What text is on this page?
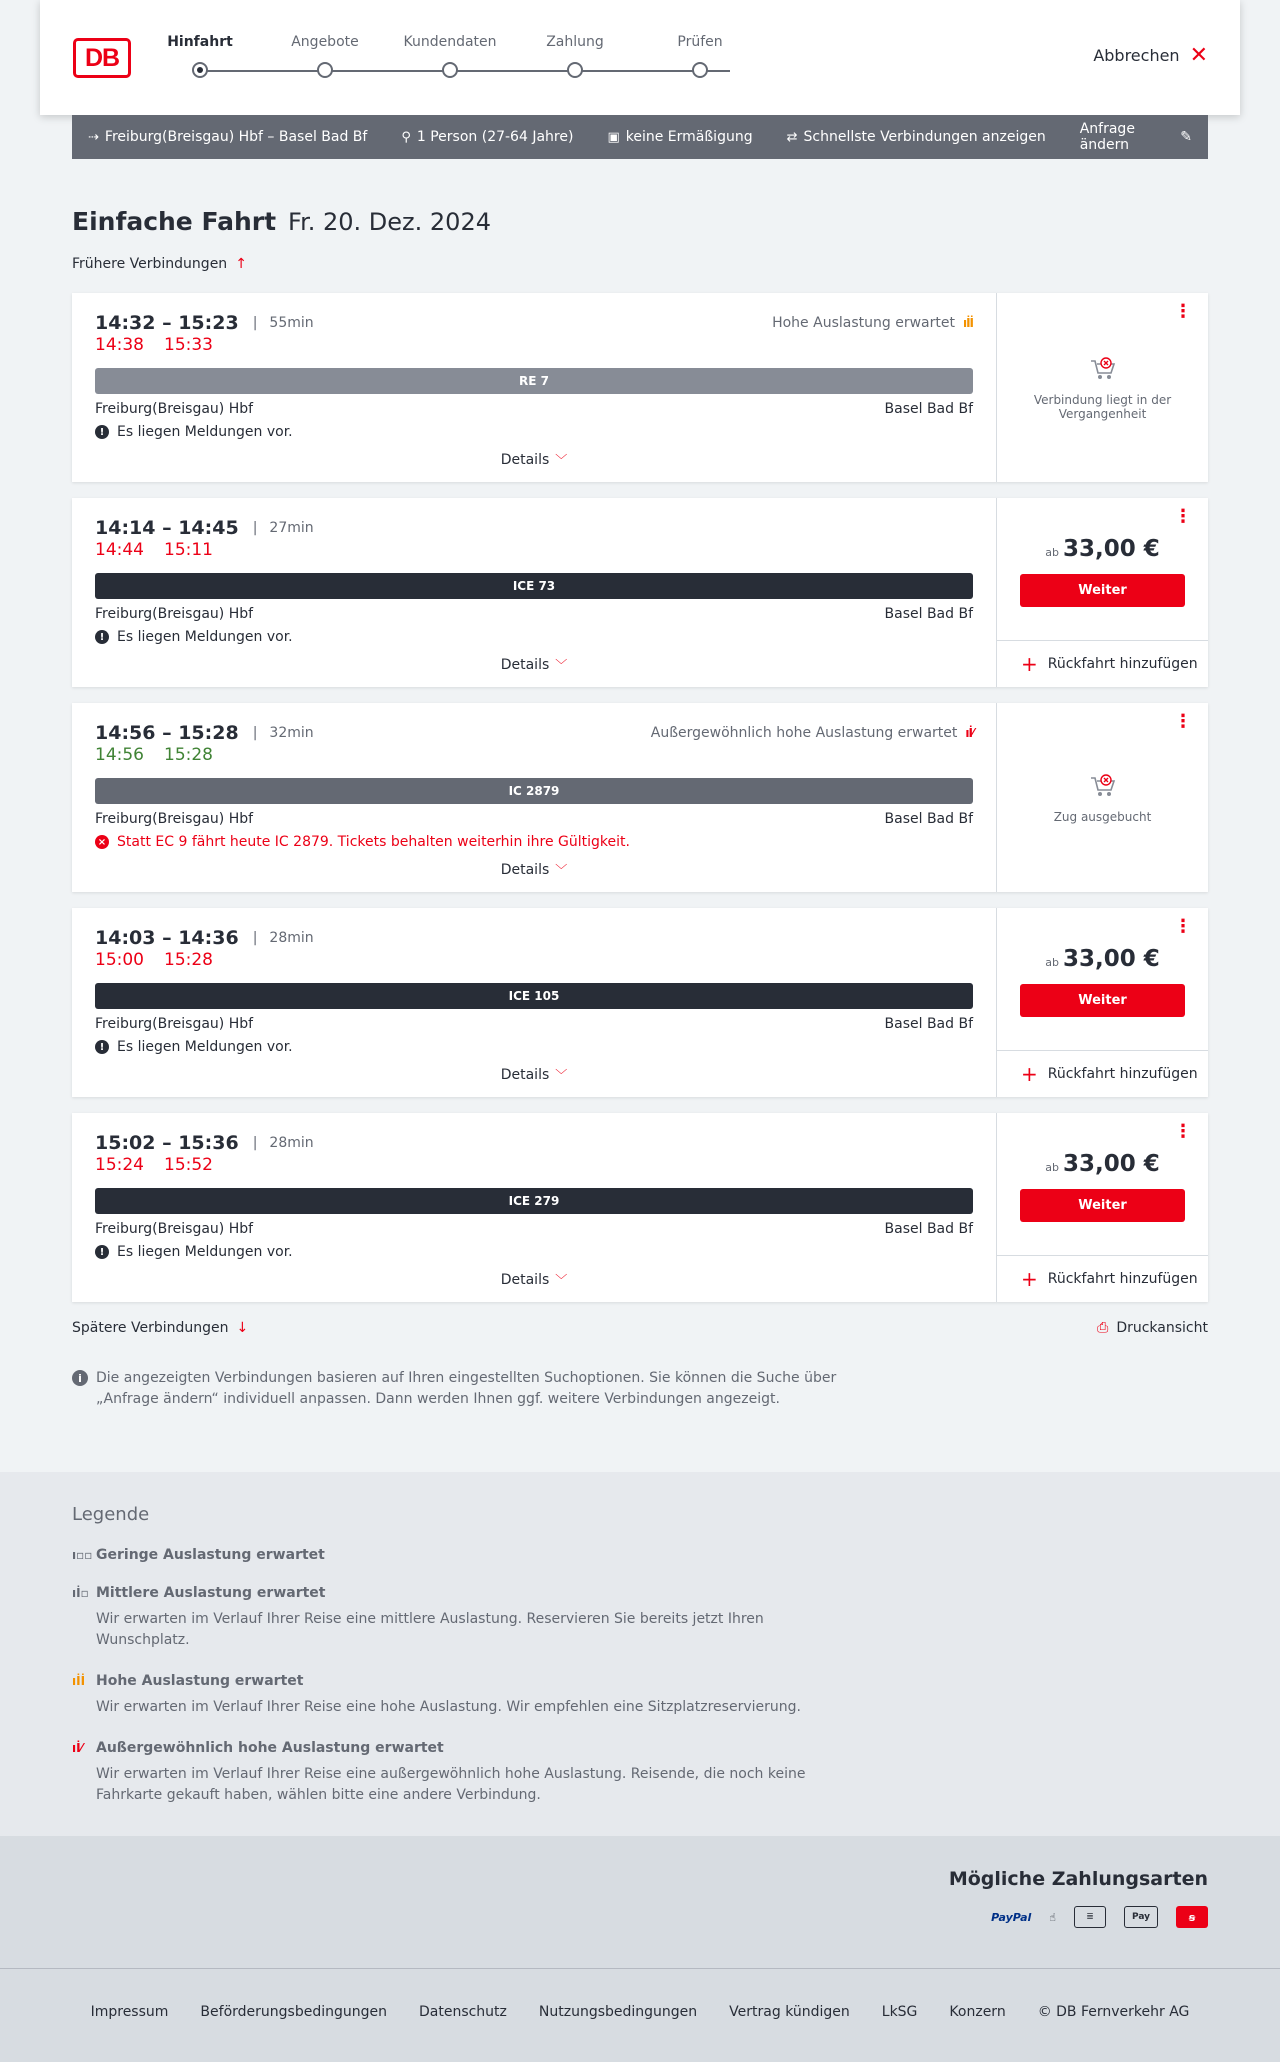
DB
Hinfahrt	Angebote	Kundendaten	Zahlung	Prüfen
Abbrechen ✕
⇢ Freiburg(Breisgau) Hbf – Basel Bad Bf	⚲ 1 Person (27-64 Jahre)	▣ keine Ermäßigung	⇄ Schnellste Verbindungen anzeigen Anfrage ändern	✎
Einfache Fahrt Fr. 20. Dez. 2024
Frühere Verbindungen ↑
14:32 – 15:23 | 55min	Hohe Auslastung erwartet ıİİ
14:38 15:33
RE 7
Freiburg(Breisgau) Hbf	Basel Bad Bf
! Es liegen Meldungen vor.
Details ﹀
⋮
Verbindung liegt in der Vergangenheit
14:14 – 14:45 | 27min
14:44 15:11
ICE 73
Freiburg(Breisgau) Hbf	Basel Bad Bf
! Es liegen Meldungen vor.
Details ﹀
⋮
ab 33,00 €
Weiter
+ Rückfahrt hinzufügen
14:56 – 15:28 | 32min	Außergewöhnlich hohe Auslastung erwartet ıİ⁄
14:56 15:28
IC 2879
Freiburg(Breisgau) Hbf	Basel Bad Bf
× Statt EC 9 fährt heute IC 2879. Tickets behalten weiterhin ihre Gültigkeit.
Details ﹀
⋮
Zug ausgebucht
14:03 – 14:36 | 28min
15:00 15:28
ICE 105
Freiburg(Breisgau) Hbf	Basel Bad Bf
! Es liegen Meldungen vor.
Details ﹀
⋮
ab 33,00 €
Weiter
+ Rückfahrt hinzufügen
15:02 – 15:36 | 28min
15:24 15:52
ICE 279
Freiburg(Breisgau) Hbf	Basel Bad Bf
! Es liegen Meldungen vor.
Details ﹀
⋮
ab 33,00 €
Weiter
+ Rückfahrt hinzufügen
Spätere Verbindungen ↓	⎙ Druckansicht
i	Die angezeigten Verbindungen basieren auf Ihren eingestellten Suchoptionen. Sie können die Suche über „Anfrage ändern“ individuell anpassen. Dann werden Ihnen ggf. weitere Verbindungen angezeigt.
Legende
ı▫▫ Geringe Auslastung erwartet
ıİ▫ Mittlere Auslastung erwartet
Wir erwarten im Verlauf Ihrer Reise eine mittlere Auslastung. Reservieren Sie bereits jetzt Ihren Wunschplatz.
ıİİ Hohe Auslastung erwartet
Wir erwarten im Verlauf Ihrer Reise eine hohe Auslastung. Wir empfehlen eine Sitzplatzreservierung.
ıİ⁄ Außergewöhnlich hohe Auslastung erwartet
Wir erwarten im Verlauf Ihrer Reise eine außergewöhnlich hohe Auslastung. Reisende, die noch keine Fahrkarte gekauft haben, wählen bitte eine andere Verbindung.
Mögliche Zahlungsarten
PayPal ☝	≣	Pay	ꞩ
Impressum Beförderungsbedingungen Datenschutz Nutzungsbedingungen Vertrag kündigen LkSG Konzern © DB Fernverkehr AG
